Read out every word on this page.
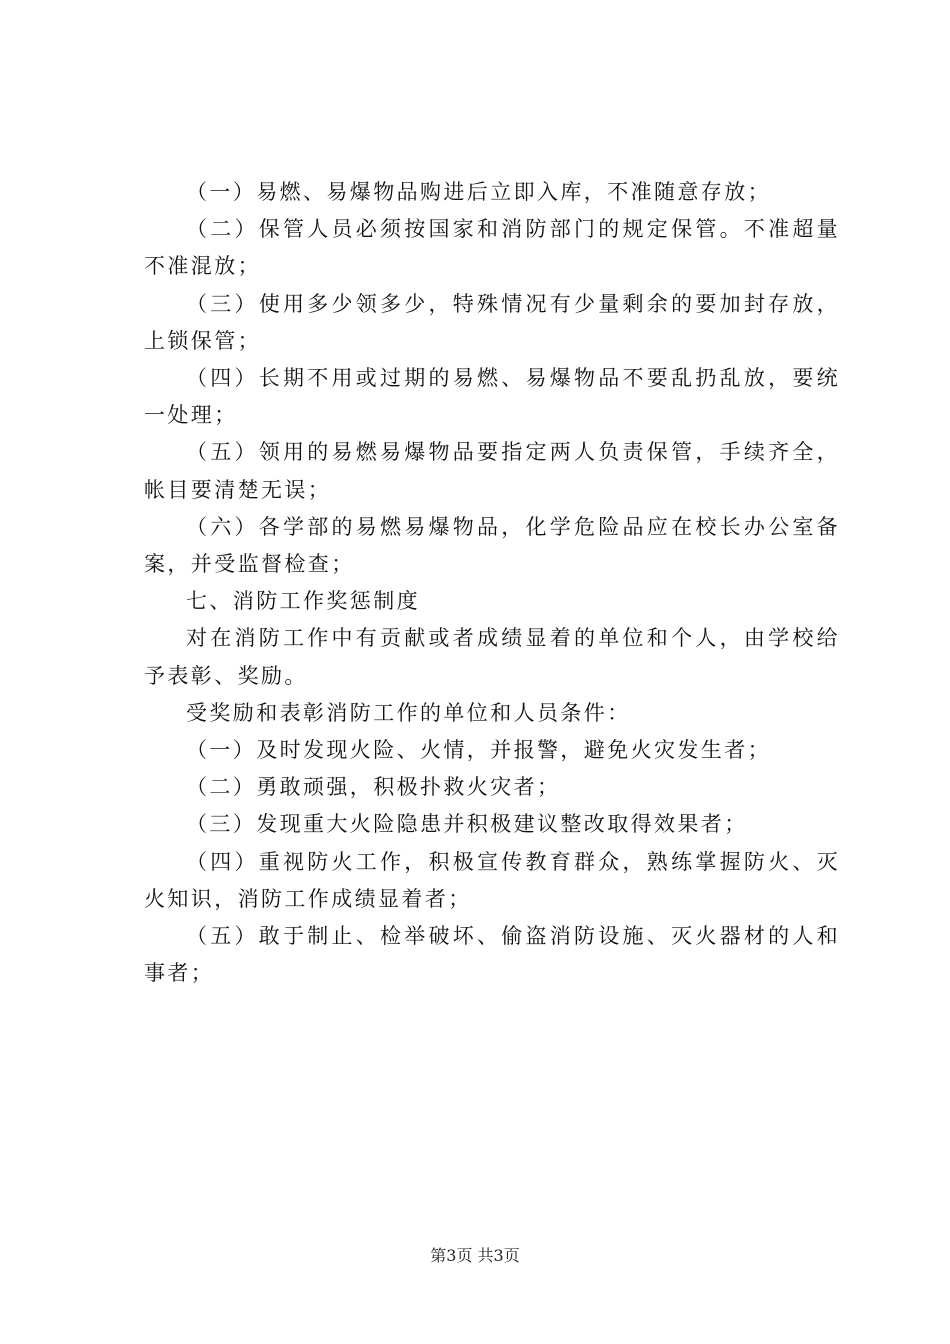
（一）易燃、易爆物品购进后立即入库，不准随意存放；

（二）保管人员必须按国家和消防部门的规定保管。不准超量不准混放；

（三）使用多少领多少，特殊情况有少量剩余的要加封存放，上锁保管；

（四）长期不用或过期的易燃、易爆物品不要乱扔乱放，要统一处理；

（五）领用的易燃易爆物品要指定两人负责保管，手续齐全，帐目要清楚无误；

（六）各学部的易燃易爆物品，化学危险品应在校长办公室备案，并受监督检查；

七、消防工作奖惩制度

对在消防工作中有贡献或者成绩显着的单位和个人，由学校给予表彰、奖励。

受奖励和表彰消防工作的单位和人员条件：

（一）及时发现火险、火情，并报警，避免火灾发生者；

（二）勇敢顽强，积极扑救火灾者；

（三）发现重大火险隐患并积极建议整改取得效果者；

（四）重视防火工作，积极宣传教育群众，熟练掌握防火、灭火知识，消防工作成绩显着者；

（五）敢于制止、检举破坏、偷盗消防设施、灭火器材的人和事者；

第3页 共3页
